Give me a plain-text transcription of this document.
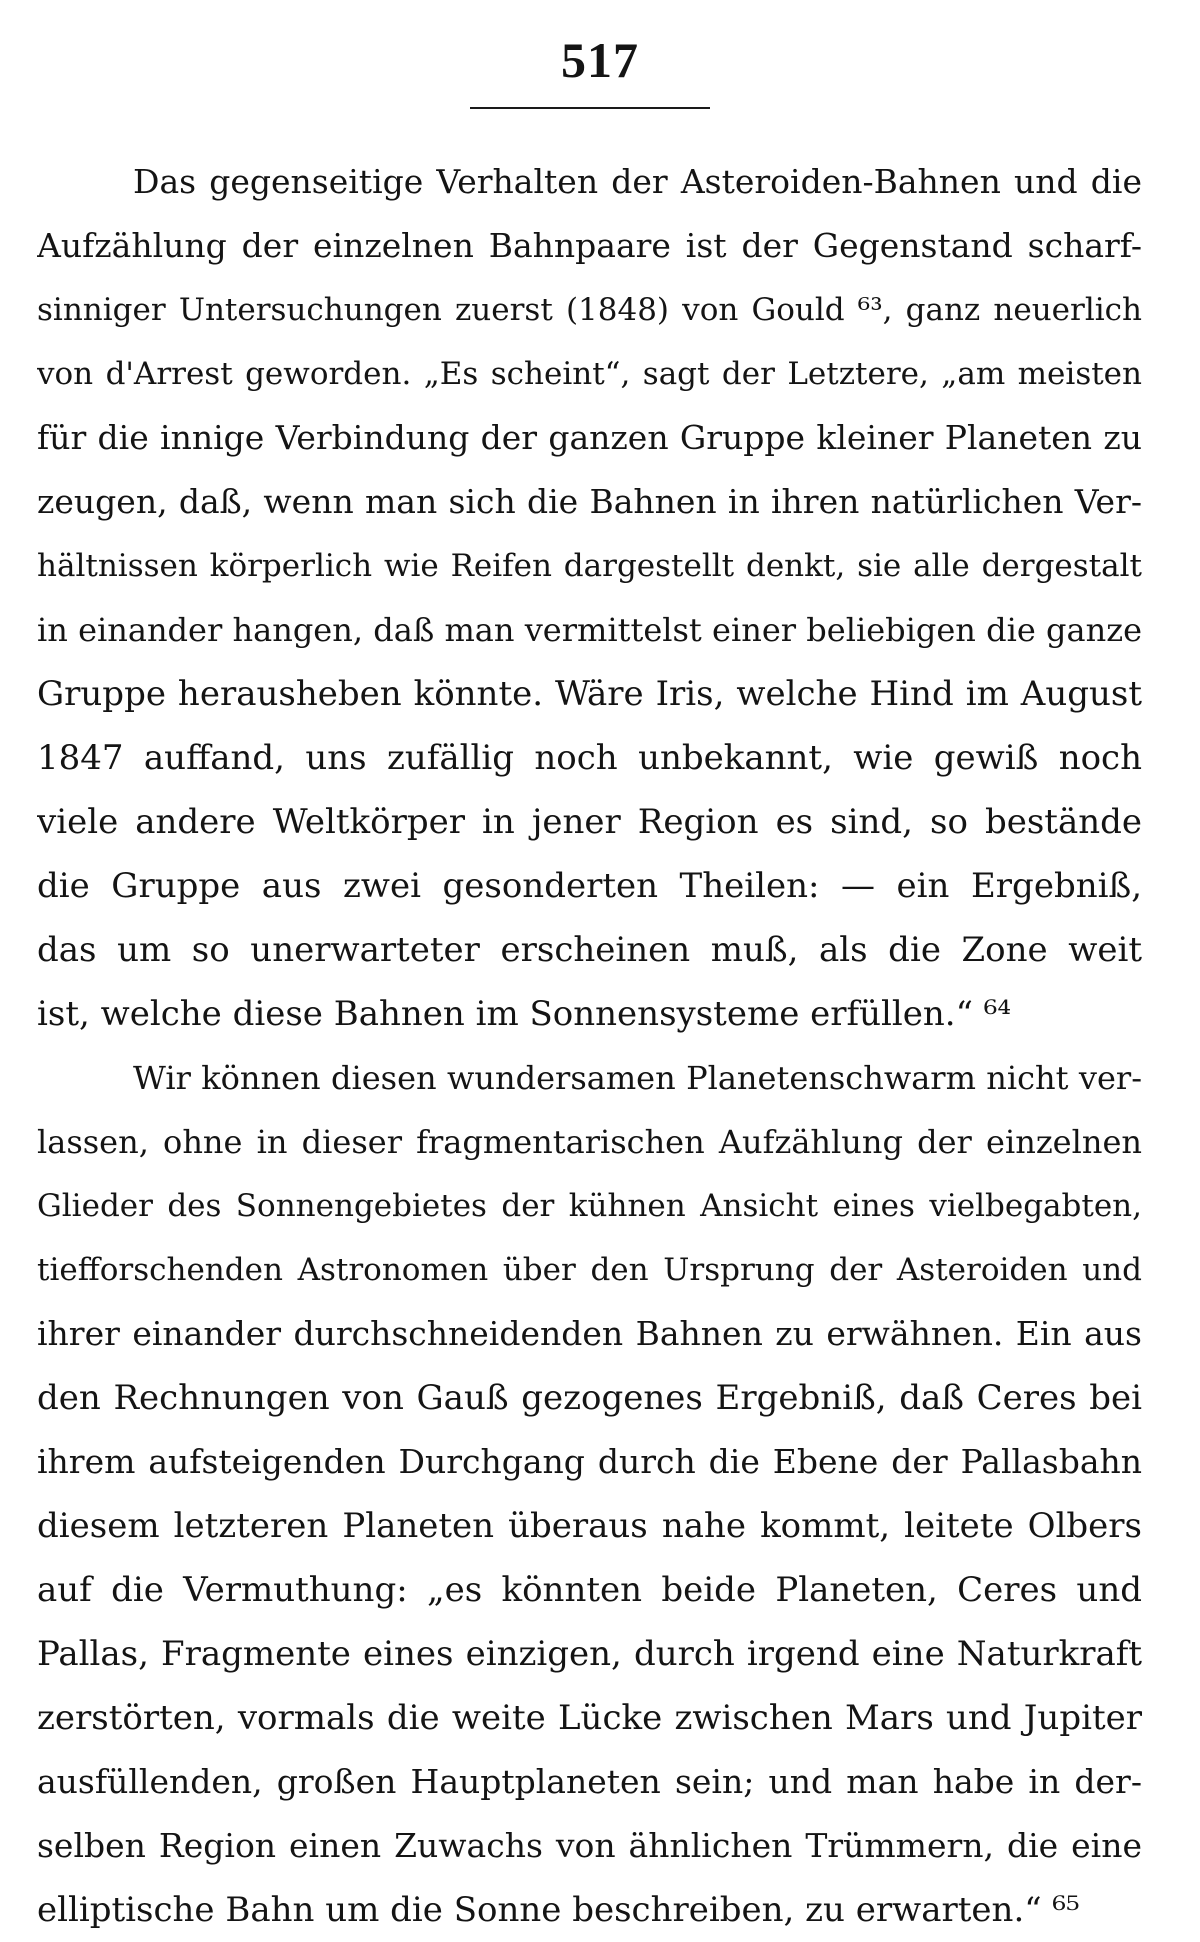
517
Das gegenseitige Verhalten der Asteroiden-Bahnen und die
Aufzählung der einzelnen Bahnpaare ist der Gegenstand scharf-
sinniger Untersuchungen zuerst (1848) von Gould ⁶³, ganz neuerlich
von d'Arrest geworden. „Es scheint“, sagt der Letztere, „am meisten
für die innige Verbindung der ganzen Gruppe kleiner Planeten zu
zeugen, daß, wenn man sich die Bahnen in ihren natürlichen Ver-
hältnissen körperlich wie Reifen dargestellt denkt, sie alle dergestalt
in einander hangen, daß man vermittelst einer beliebigen die ganze
Gruppe herausheben könnte. Wäre Iris, welche Hind im August
1847 auffand, uns zufällig noch unbekannt, wie gewiß noch
viele andere Weltkörper in jener Region es sind, so bestände
die Gruppe aus zwei gesonderten Theilen: — ein Ergebniß,
das um so unerwarteter erscheinen muß, als die Zone weit
ist, welche diese Bahnen im Sonnensysteme erfüllen.“ ⁶⁴
Wir können diesen wundersamen Planetenschwarm nicht ver-
lassen, ohne in dieser fragmentarischen Aufzählung der einzelnen
Glieder des Sonnengebietes der kühnen Ansicht eines vielbegabten,
tiefforschenden Astronomen über den Ursprung der Asteroiden und
ihrer einander durchschneidenden Bahnen zu erwähnen. Ein aus
den Rechnungen von Gauß gezogenes Ergebniß, daß Ceres bei
ihrem aufsteigenden Durchgang durch die Ebene der Pallasbahn
diesem letzteren Planeten überaus nahe kommt, leitete Olbers
auf die Vermuthung: „es könnten beide Planeten, Ceres und
Pallas, Fragmente eines einzigen, durch irgend eine Naturkraft
zerstörten, vormals die weite Lücke zwischen Mars und Jupiter
ausfüllenden, großen Hauptplaneten sein; und man habe in der-
selben Region einen Zuwachs von ähnlichen Trümmern, die eine
elliptische Bahn um die Sonne beschreiben, zu erwarten.“ ⁶⁵
